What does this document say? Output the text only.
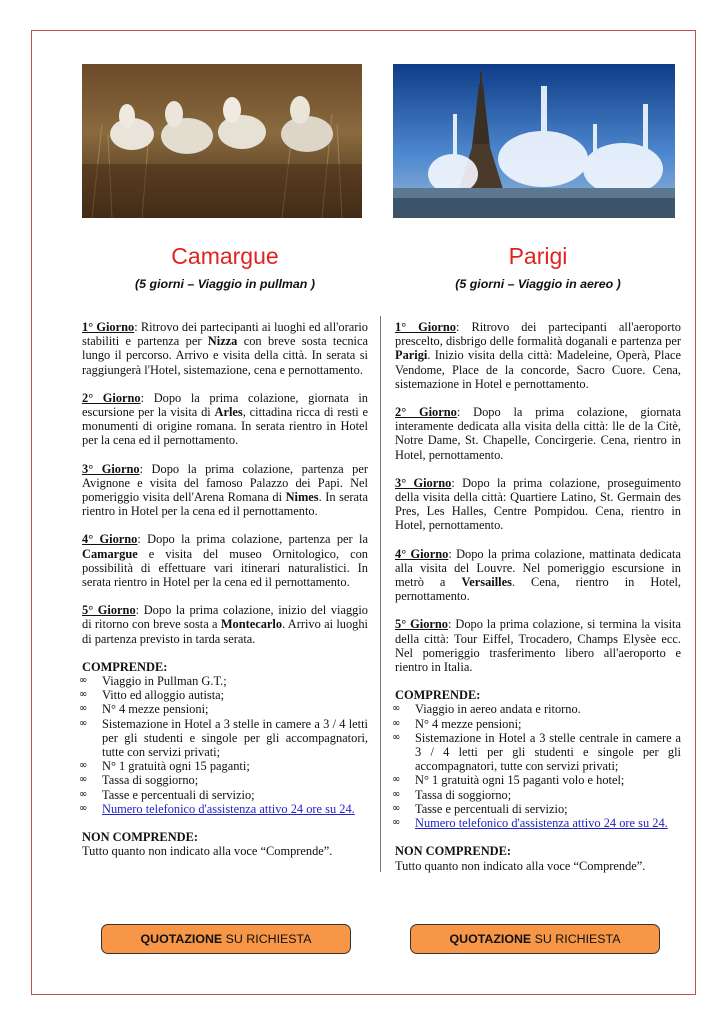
Camargue
(5 giorni – Viaggio in pullman )

1° Giorno: Ritrovo dei partecipanti ai luoghi ed all'orario stabiliti e partenza per Nizza con breve sosta tecnica lungo il percorso. Arrivo e visita della città. In serata si raggiungerà l'Hotel, sistemazione, cena e pernottamento.

2° Giorno: Dopo la prima colazione, giornata in escursione per la visita di Arles, cittadina ricca di resti e monumenti di origine romana. In serata rientro in Hotel per la cena ed il pernottamento.

3° Giorno: Dopo la prima colazione, partenza per Avignone e visita del famoso Palazzo dei Papi. Nel pomeriggio visita dell'Arena Romana di Nimes. In serata rientro in Hotel per la cena ed il pernottamento.

4° Giorno: Dopo la prima colazione, partenza per la Camargue e visita del museo Ornitologico, con possibilità di effettuare vari itinerari naturalistici. In serata rientro in Hotel per la cena ed il pernottamento.

5° Giorno: Dopo la prima colazione, inizio del viaggio di ritorno con breve sosta a Montecarlo. Arrivo ai luoghi di partenza previsto in tarda serata.

COMPRENDE:
∞ Viaggio in Pullman G.T.;
∞ Vitto ed alloggio autista;
∞ N° 4 mezze pensioni;
∞ Sistemazione in Hotel a 3 stelle in camere a 3 / 4 letti per gli studenti e singole per gli accompagnatori, tutte con servizi privati;
∞ N° 1 gratuità ogni 15 paganti;
∞ Tassa di soggiorno;
∞ Tasse e percentuali di servizio;
∞ Numero telefonico d'assistenza attivo 24 ore su 24.
NON COMPRENDE:
Tutto quanto non indicato alla voce “Comprende”.
Parigi
(5 giorni – Viaggio in aereo )

1° Giorno: Ritrovo dei partecipanti all'aeroporto prescelto, disbrigo delle formalità doganali e partenza per Parigi. Inizio visita della città: Madeleine, Operà, Place Vendome, Place de la concorde, Sacro Cuore. Cena, sistemazione in Hotel e pernottamento.

2° Giorno: Dopo la prima colazione, giornata interamente dedicata alla visita della città: lle de la Citè, Notre Dame, St. Chapelle, Concirgerie. Cena, rientro in Hotel, pernottamento.

3° Giorno: Dopo la prima colazione, proseguimento della visita della città: Quartiere Latino, St. Germain des Pres, Les Halles, Centre Pompidou. Cena, rientro in Hotel, pernottamento.

4° Giorno: Dopo la prima colazione, mattinata dedicata alla visita del Louvre. Nel pomeriggio escursione in metrò a Versailles. Cena, rientro in Hotel, pernottamento.

5° Giorno: Dopo la prima colazione, si termina la visita della città: Tour Eiffel, Trocadero, Champs Elysèe ecc. Nel pomeriggio trasferimento libero all'aeroporto e rientro in Italia.

COMPRENDE:
∞ Viaggio in aereo andata e ritorno.
∞ N° 4 mezze pensioni;
∞ Sistemazione in Hotel a 3 stelle centrale in camere a 3 / 4 letti per gli studenti e singole per gli accompagnatori, tutte con servizi privati;
∞ N° 1 gratuità ogni 15 paganti volo e hotel;
∞ Tassa di soggiorno;
∞ Tasse e percentuali di servizio;
∞ Numero telefonico d'assistenza attivo 24 ore su 24.
NON COMPRENDE:
Tutto quanto non indicato alla voce “Comprende”.
QUOTAZIONE SU RICHIESTA	QUOTAZIONE SU RICHIESTA
